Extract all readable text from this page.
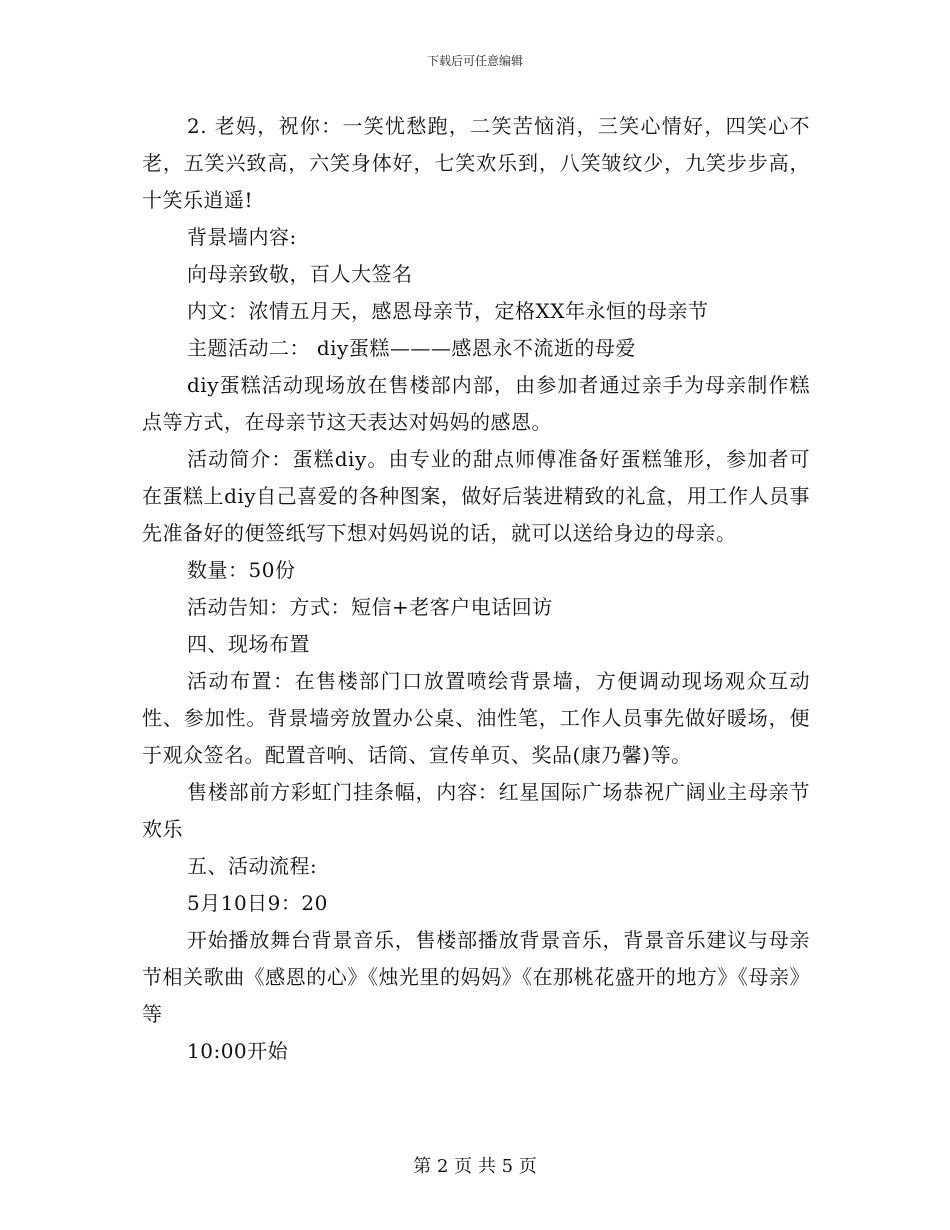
下载后可任意编辑

2. 老妈，祝你：一笑忧愁跑，二笑苦恼消，三笑心情好，四笑心不老，五笑兴致高，六笑身体好，七笑欢乐到，八笑皱纹少，九笑步步高，十笑乐逍遥!

背景墙内容:

向母亲致敬，百人大签名

内文：浓情五月天，感恩母亲节，定格XX年永恒的母亲节

主题活动二： diy蛋糕———感恩永不流逝的母爱

diy蛋糕活动现场放在售楼部内部，由参加者通过亲手为母亲制作糕点等方式，在母亲节这天表达对妈妈的感恩。

活动简介：蛋糕diy。由专业的甜点师傅准备好蛋糕雏形，参加者可在蛋糕上diy自己喜爱的各种图案，做好后装进精致的礼盒，用工作人员事先准备好的便签纸写下想对妈妈说的话，就可以送给身边的母亲。

数量：50份

活动告知：方式：短信+老客户电话回访

四、现场布置

活动布置：在售楼部门口放置喷绘背景墙，方便调动现场观众互动性、参加性。背景墙旁放置办公桌、油性笔，工作人员事先做好暖场，便于观众签名。配置音响、话筒、宣传单页、奖品(康乃馨)等。

售楼部前方彩虹门挂条幅，内容：红星国际广场恭祝广阔业主母亲节欢乐

五、活动流程:

5月10日9：20

开始播放舞台背景音乐，售楼部播放背景音乐，背景音乐建议与母亲节相关歌曲《感恩的心》《烛光里的妈妈》《在那桃花盛开的地方》《母亲》等

10:00开始

第 2 页 共 5 页
